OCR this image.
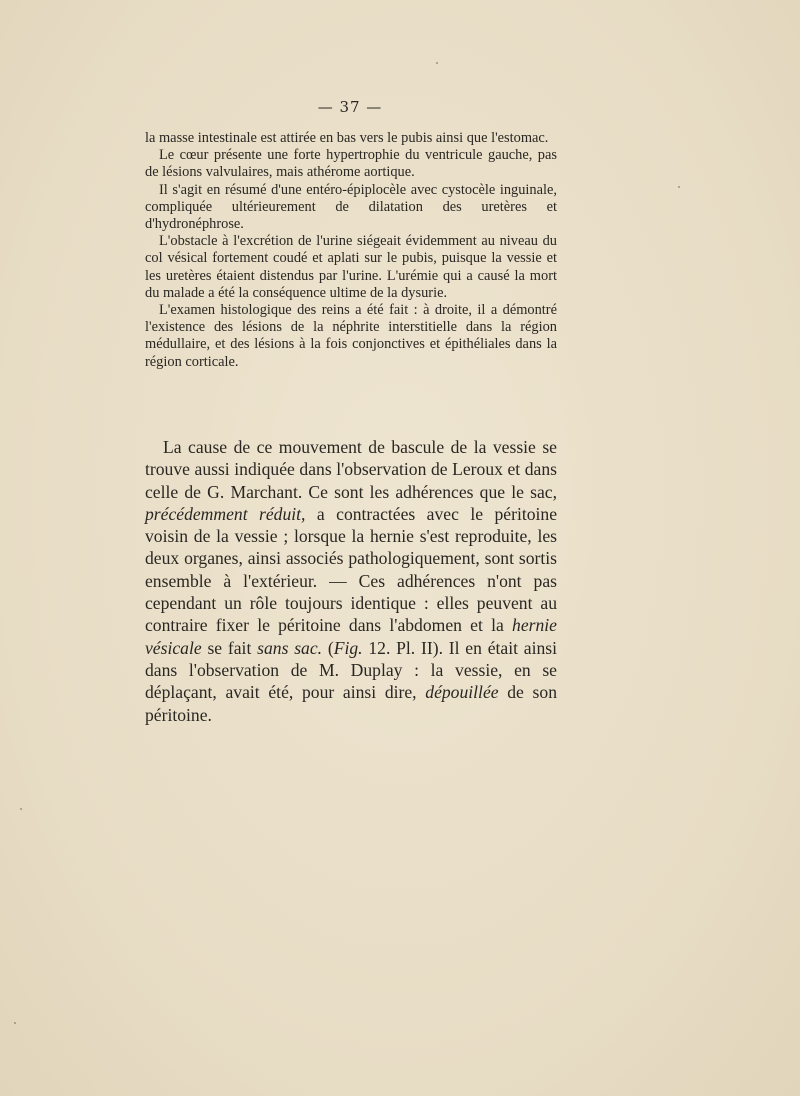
— 37 —

la masse intestinale est attirée en bas vers le pubis ainsi que l'estomac.

Le cœur présente une forte hypertrophie du ventricule gauche, pas de lésions valvulaires, mais athérome aortique.

Il s'agit en résumé d'une entéro-épiplocèle avec cystocèle inguinale, compliquée ultérieurement de dilatation des uretères et d'hydronéphrose.

L'obstacle à l'excrétion de l'urine siégeait évidemment au niveau du col vésical fortement coudé et aplati sur le pubis, puisque la vessie et les uretères étaient distendus par l'urine. L'urémie qui a causé la mort du malade a été la conséquence ultime de la dysurie.

L'examen histologique des reins a été fait : à droite, il a démontré l'existence des lésions de la néphrite interstitielle dans la région médullaire, et des lésions à la fois conjonctives et épithéliales dans la région corticale.

La cause de ce mouvement de bascule de la vessie se trouve aussi indiquée dans l'observation de Leroux et dans celle de G. Marchant. Ce sont les adhérences que le sac, précédemment réduit, a contractées avec le péritoine voisin de la vessie ; lorsque la hernie s'est reproduite, les deux organes, ainsi associés pathologiquement, sont sortis ensemble à l'extérieur. — Ces adhérences n'ont pas cependant un rôle toujours identique : elles peuvent au contraire fixer le péritoine dans l'abdomen et la hernie vésicale se fait sans sac. (Fig. 12. Pl. II). Il en était ainsi dans l'observation de M. Duplay : la vessie, en se déplaçant, avait été, pour ainsi dire, dépouillée de son péritoine.
